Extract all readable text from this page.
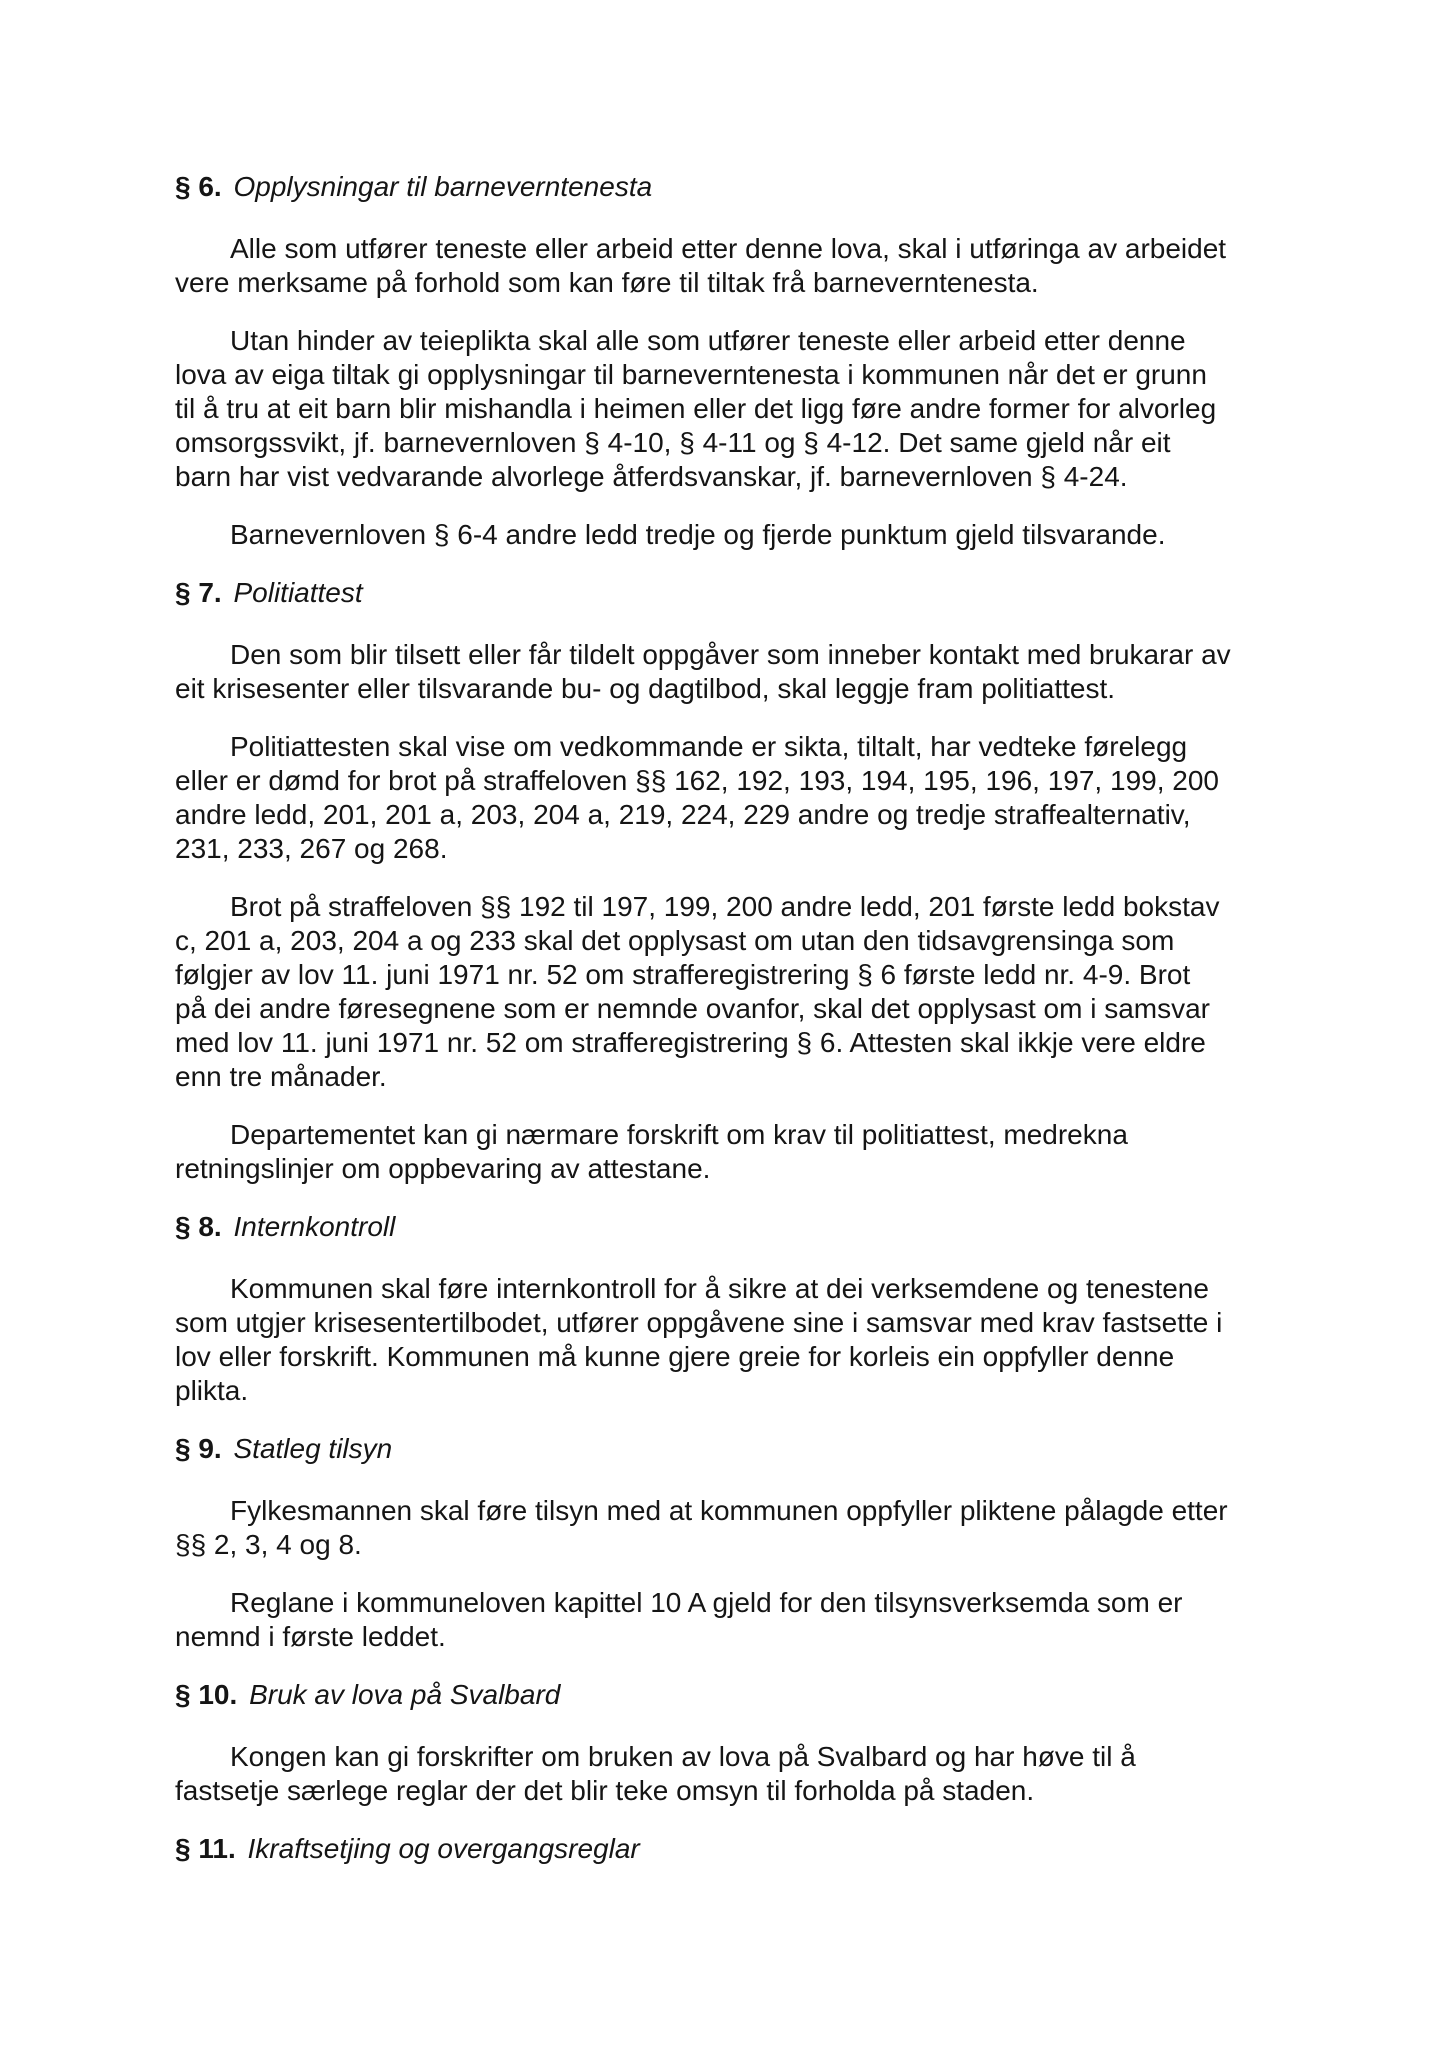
§ 6. Opplysningar til barneverntenesta

Alle som utfører teneste eller arbeid etter denne lova, skal i utføringa av arbeidet
vere merksame på forhold som kan føre til tiltak frå barneverntenesta.

Utan hinder av teieplikta skal alle som utfører teneste eller arbeid etter denne
lova av eiga tiltak gi opplysningar til barneverntenesta i kommunen når det er grunn
til å tru at eit barn blir mishandla i heimen eller det ligg føre andre former for alvorleg
omsorgssvikt, jf. barnevernloven § 4-10, § 4-11 og § 4-12. Det same gjeld når eit
barn har vist vedvarande alvorlege åtferdsvanskar, jf. barnevernloven § 4-24.

Barnevernloven § 6-4 andre ledd tredje og fjerde punktum gjeld tilsvarande.

§ 7. Politiattest

Den som blir tilsett eller får tildelt oppgåver som inneber kontakt med brukarar av
eit krisesenter eller tilsvarande bu- og dagtilbod, skal leggje fram politiattest.

Politiattesten skal vise om vedkommande er sikta, tiltalt, har vedteke førelegg
eller er dømd for brot på straffeloven §§ 162, 192, 193, 194, 195, 196, 197, 199, 200
andre ledd, 201, 201 a, 203, 204 a, 219, 224, 229 andre og tredje straffealternativ,
231, 233, 267 og 268.

Brot på straffeloven §§ 192 til 197, 199, 200 andre ledd, 201 første ledd bokstav
c, 201 a, 203, 204 a og 233 skal det opplysast om utan den tidsavgrensinga som
følgjer av lov 11. juni 1971 nr. 52 om strafferegistrering § 6 første ledd nr. 4-9. Brot
på dei andre føresegnene som er nemnde ovanfor, skal det opplysast om i samsvar
med lov 11. juni 1971 nr. 52 om strafferegistrering § 6. Attesten skal ikkje vere eldre
enn tre månader.

Departementet kan gi nærmare forskrift om krav til politiattest, medrekna
retningslinjer om oppbevaring av attestane.

§ 8. Internkontroll

Kommunen skal føre internkontroll for å sikre at dei verksemdene og tenestene
som utgjer krisesentertilbodet, utfører oppgåvene sine i samsvar med krav fastsette i
lov eller forskrift. Kommunen må kunne gjere greie for korleis ein oppfyller denne
plikta.

§ 9. Statleg tilsyn

Fylkesmannen skal føre tilsyn med at kommunen oppfyller pliktene pålagde etter
§§ 2, 3, 4 og 8.

Reglane i kommuneloven kapittel 10 A gjeld for den tilsynsverksemda som er
nemnd i første leddet.

§ 10. Bruk av lova på Svalbard

Kongen kan gi forskrifter om bruken av lova på Svalbard og har høve til å
fastsetje særlege reglar der det blir teke omsyn til forholda på staden.

§ 11. Ikraftsetjing og overgangsreglar
